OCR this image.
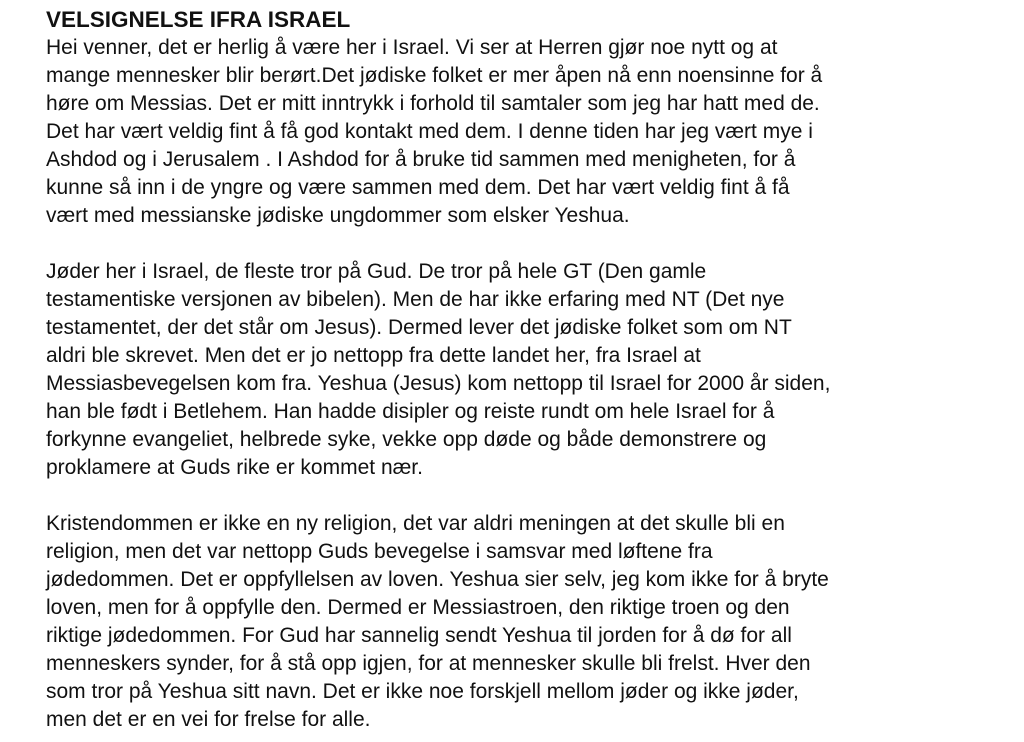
VELSIGNELSE IFRA ISRAEL

Hei venner, det er herlig å være her i Israel. Vi ser at Herren gjør noe nytt og at
mange mennesker blir berørt.Det jødiske folket er mer åpen nå enn noensinne for å
høre om Messias. Det er mitt inntrykk i forhold til samtaler som jeg har hatt med de.
Det har vært veldig fint å få god kontakt med dem. I denne tiden har jeg vært mye i
Ashdod og i Jerusalem . I Ashdod for å bruke tid sammen med menigheten, for å
kunne så inn i de yngre og være sammen med dem. Det har vært veldig fint å få
vært med messianske jødiske ungdommer som elsker Yeshua.

Jøder her i Israel, de fleste tror på Gud. De tror på hele GT (Den gamle
testamentiske versjonen av bibelen). Men de har ikke erfaring med NT (Det nye
testamentet, der det står om Jesus). Dermed lever det jødiske folket som om NT
aldri ble skrevet. Men det er jo nettopp fra dette landet her, fra Israel at
Messiasbevegelsen kom fra. Yeshua (Jesus) kom nettopp til Israel for 2000 år siden,
han ble født i Betlehem. Han hadde disipler og reiste rundt om hele Israel for å
forkynne evangeliet, helbrede syke, vekke opp døde og både demonstrere og
proklamere at Guds rike er kommet nær.

Kristendommen er ikke en ny religion, det var aldri meningen at det skulle bli en
religion, men det var nettopp Guds bevegelse i samsvar med løftene fra
jødedommen. Det er oppfyllelsen av loven. Yeshua sier selv, jeg kom ikke for å bryte
loven, men for å oppfylle den. Dermed er Messiastroen, den riktige troen og den
riktige jødedommen. For Gud har sannelig sendt Yeshua til jorden for å dø for all
menneskers synder, for å stå opp igjen, for at mennesker skulle bli frelst. Hver den
som tror på Yeshua sitt navn. Det er ikke noe forskjell mellom jøder og ikke jøder,
men det er en vei for frelse for alle.
